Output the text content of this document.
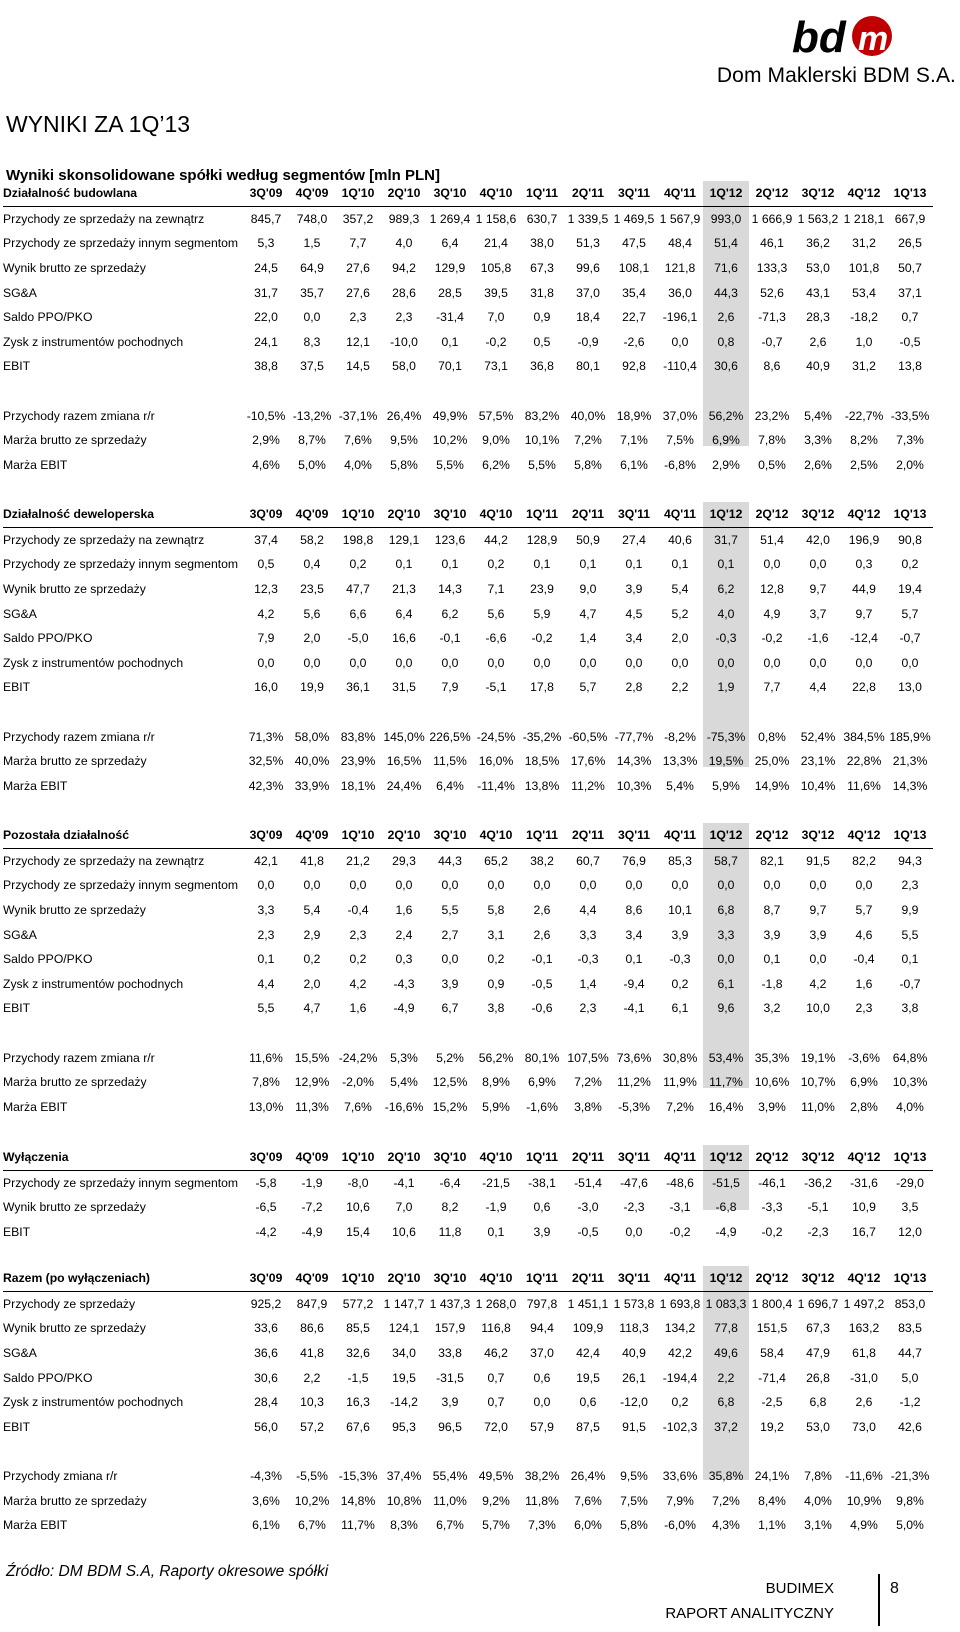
bd m
Dom Maklerski BDM S.A.
WYNIKI ZA 1Q’13
Wyniki skonsolidowane spółki według segmentów [mln PLN]
Działalność budowlana	3Q'09	4Q'09	1Q'10	2Q'10	3Q'10	4Q'10	1Q'11	2Q'11	3Q'11	4Q'11	1Q'12	2Q'12	3Q'12	4Q'12	1Q'13
Przychody ze sprzedaży na zewnątrz	845,7	748,0	357,2	989,3	1 269,4	1 158,6	630,7	1 339,5	1 469,5	1 567,9	993,0	1 666,9	1 563,2	1 218,1	667,9
Przychody ze sprzedaży innym segmentom	5,3	1,5	7,7	4,0	6,4	21,4	38,0	51,3	47,5	48,4	51,4	46,1	36,2	31,2	26,5
Wynik brutto ze sprzedaży	24,5	64,9	27,6	94,2	129,9	105,8	67,3	99,6	108,1	121,8	71,6	133,3	53,0	101,8	50,7
SG&A	31,7	35,7	27,6	28,6	28,5	39,5	31,8	37,0	35,4	36,0	44,3	52,6	43,1	53,4	37,1
Saldo PPO/PKO	22,0	0,0	2,3	2,3	-31,4	7,0	0,9	18,4	22,7	-196,1	2,6	-71,3	28,3	-18,2	0,7
Zysk z instrumentów pochodnych	24,1	8,3	12,1	-10,0	0,1	-0,2	0,5	-0,9	-2,6	0,0	0,8	-0,7	2,6	1,0	-0,5
EBIT	38,8	37,5	14,5	58,0	70,1	73,1	36,8	80,1	92,8	-110,4	30,6	8,6	40,9	31,2	13,8

Przychody razem zmiana r/r	-10,5%	-13,2%	-37,1%	26,4%	49,9%	57,5%	83,2%	40,0%	18,9%	37,0%	56,2%	23,2%	5,4%	-22,7%	-33,5%
Marża brutto ze sprzedaży	2,9%	8,7%	7,6%	9,5%	10,2%	9,0%	10,1%	7,2%	7,1%	7,5%	6,9%	7,8%	3,3%	8,2%	7,3%
Marża EBIT	4,6%	5,0%	4,0%	5,8%	5,5%	6,2%	5,5%	5,8%	6,1%	-6,8%	2,9%	0,5%	2,6%	2,5%	2,0%
Działalność deweloperska	3Q'09	4Q'09	1Q'10	2Q'10	3Q'10	4Q'10	1Q'11	2Q'11	3Q'11	4Q'11	1Q'12	2Q'12	3Q'12	4Q'12	1Q'13
Przychody ze sprzedaży na zewnątrz	37,4	58,2	198,8	129,1	123,6	44,2	128,9	50,9	27,4	40,6	31,7	51,4	42,0	196,9	90,8
Przychody ze sprzedaży innym segmentom	0,5	0,4	0,2	0,1	0,1	0,2	0,1	0,1	0,1	0,1	0,1	0,0	0,0	0,3	0,2
Wynik brutto ze sprzedaży	12,3	23,5	47,7	21,3	14,3	7,1	23,9	9,0	3,9	5,4	6,2	12,8	9,7	44,9	19,4
SG&A	4,2	5,6	6,6	6,4	6,2	5,6	5,9	4,7	4,5	5,2	4,0	4,9	3,7	9,7	5,7
Saldo PPO/PKO	7,9	2,0	-5,0	16,6	-0,1	-6,6	-0,2	1,4	3,4	2,0	-0,3	-0,2	-1,6	-12,4	-0,7
Zysk z instrumentów pochodnych	0,0	0,0	0,0	0,0	0,0	0,0	0,0	0,0	0,0	0,0	0,0	0,0	0,0	0,0	0,0
EBIT	16,0	19,9	36,1	31,5	7,9	-5,1	17,8	5,7	2,8	2,2	1,9	7,7	4,4	22,8	13,0

Przychody razem zmiana r/r	71,3%	58,0%	83,8%	145,0%	226,5%	-24,5%	-35,2%	-60,5%	-77,7%	-8,2%	-75,3%	0,8%	52,4%	384,5%	185,9%
Marża brutto ze sprzedaży	32,5%	40,0%	23,9%	16,5%	11,5%	16,0%	18,5%	17,6%	14,3%	13,3%	19,5%	25,0%	23,1%	22,8%	21,3%
Marża EBIT	42,3%	33,9%	18,1%	24,4%	6,4%	-11,4%	13,8%	11,2%	10,3%	5,4%	5,9%	14,9%	10,4%	11,6%	14,3%
Pozostała działalność	3Q'09	4Q'09	1Q'10	2Q'10	3Q'10	4Q'10	1Q'11	2Q'11	3Q'11	4Q'11	1Q'12	2Q'12	3Q'12	4Q'12	1Q'13
Przychody ze sprzedaży na zewnątrz	42,1	41,8	21,2	29,3	44,3	65,2	38,2	60,7	76,9	85,3	58,7	82,1	91,5	82,2	94,3
Przychody ze sprzedaży innym segmentom	0,0	0,0	0,0	0,0	0,0	0,0	0,0	0,0	0,0	0,0	0,0	0,0	0,0	0,0	2,3
Wynik brutto ze sprzedaży	3,3	5,4	-0,4	1,6	5,5	5,8	2,6	4,4	8,6	10,1	6,8	8,7	9,7	5,7	9,9
SG&A	2,3	2,9	2,3	2,4	2,7	3,1	2,6	3,3	3,4	3,9	3,3	3,9	3,9	4,6	5,5
Saldo PPO/PKO	0,1	0,2	0,2	0,3	0,0	0,2	-0,1	-0,3	0,1	-0,3	0,0	0,1	0,0	-0,4	0,1
Zysk z instrumentów pochodnych	4,4	2,0	4,2	-4,3	3,9	0,9	-0,5	1,4	-9,4	0,2	6,1	-1,8	4,2	1,6	-0,7
EBIT	5,5	4,7	1,6	-4,9	6,7	3,8	-0,6	2,3	-4,1	6,1	9,6	3,2	10,0	2,3	3,8

Przychody razem zmiana r/r	11,6%	15,5%	-24,2%	5,3%	5,2%	56,2%	80,1%	107,5%	73,6%	30,8%	53,4%	35,3%	19,1%	-3,6%	64,8%
Marża brutto ze sprzedaży	7,8%	12,9%	-2,0%	5,4%	12,5%	8,9%	6,9%	7,2%	11,2%	11,9%	11,7%	10,6%	10,7%	6,9%	10,3%
Marża EBIT	13,0%	11,3%	7,6%	-16,6%	15,2%	5,9%	-1,6%	3,8%	-5,3%	7,2%	16,4%	3,9%	11,0%	2,8%	4,0%
Wyłączenia	3Q'09	4Q'09	1Q'10	2Q'10	3Q'10	4Q'10	1Q'11	2Q'11	3Q'11	4Q'11	1Q'12	2Q'12	3Q'12	4Q'12	1Q'13
Przychody ze sprzedaży innym segmentom	-5,8	-1,9	-8,0	-4,1	-6,4	-21,5	-38,1	-51,4	-47,6	-48,6	-51,5	-46,1	-36,2	-31,6	-29,0
Wynik brutto ze sprzedaży	-6,5	-7,2	10,6	7,0	8,2	-1,9	0,6	-3,0	-2,3	-3,1	-6,8	-3,3	-5,1	10,9	3,5
EBIT	-4,2	-4,9	15,4	10,6	11,8	0,1	3,9	-0,5	0,0	-0,2	-4,9	-0,2	-2,3	16,7	12,0
Razem (po wyłączeniach)	3Q'09	4Q'09	1Q'10	2Q'10	3Q'10	4Q'10	1Q'11	2Q'11	3Q'11	4Q'11	1Q'12	2Q'12	3Q'12	4Q'12	1Q'13
Przychody ze sprzedaży	925,2	847,9	577,2	1 147,7	1 437,3	1 268,0	797,8	1 451,1	1 573,8	1 693,8	1 083,3	1 800,4	1 696,7	1 497,2	853,0
Wynik brutto ze sprzedaży	33,6	86,6	85,5	124,1	157,9	116,8	94,4	109,9	118,3	134,2	77,8	151,5	67,3	163,2	83,5
SG&A	36,6	41,8	32,6	34,0	33,8	46,2	37,0	42,4	40,9	42,2	49,6	58,4	47,9	61,8	44,7
Saldo PPO/PKO	30,6	2,2	-1,5	19,5	-31,5	0,7	0,6	19,5	26,1	-194,4	2,2	-71,4	26,8	-31,0	5,0
Zysk z instrumentów pochodnych	28,4	10,3	16,3	-14,2	3,9	0,7	0,0	0,6	-12,0	0,2	6,8	-2,5	6,8	2,6	-1,2
EBIT	56,0	57,2	67,6	95,3	96,5	72,0	57,9	87,5	91,5	-102,3	37,2	19,2	53,0	73,0	42,6

Przychody zmiana r/r	-4,3%	-5,5%	-15,3%	37,4%	55,4%	49,5%	38,2%	26,4%	9,5%	33,6%	35,8%	24,1%	7,8%	-11,6%	-21,3%
Marża brutto ze sprzedaży	3,6%	10,2%	14,8%	10,8%	11,0%	9,2%	11,8%	7,6%	7,5%	7,9%	7,2%	8,4%	4,0%	10,9%	9,8%
Marża EBIT	6,1%	6,7%	11,7%	8,3%	6,7%	5,7%	7,3%	6,0%	5,8%	-6,0%	4,3%	1,1%	3,1%	4,9%	5,0%
Źródło: DM BDM S.A, Raporty okresowe spółki
BUDIMEX
RAPORT ANALITYCZNY
8
